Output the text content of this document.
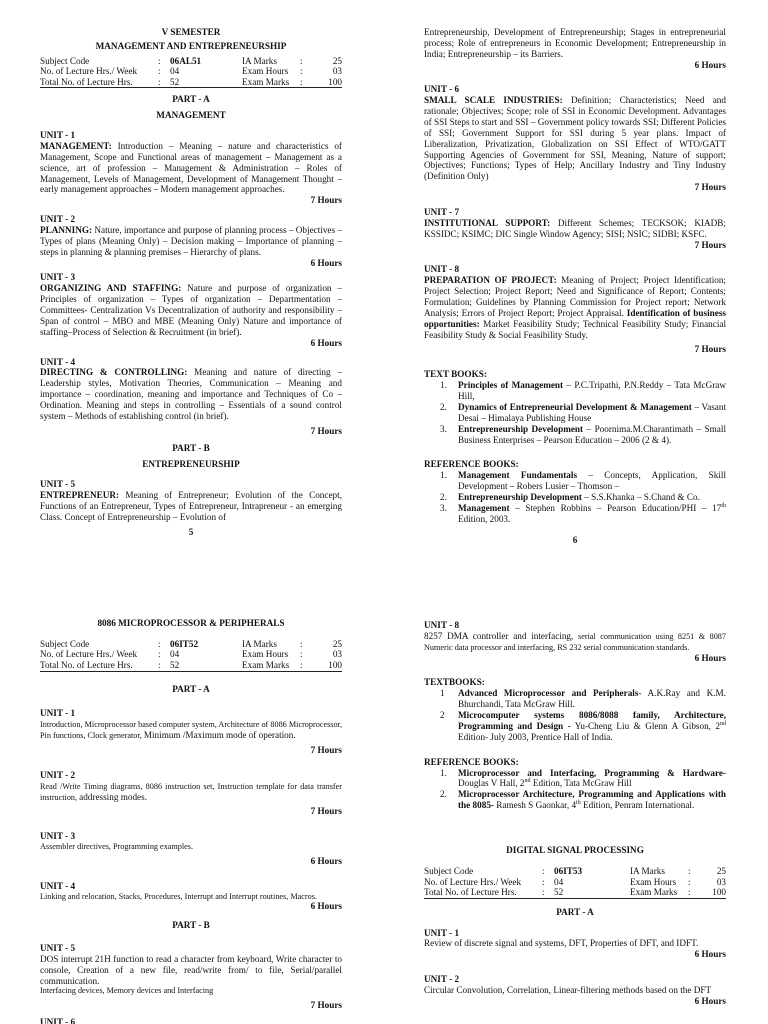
V SEMESTER
MANAGEMENT AND ENTREPRENEURSHIP
Subject Code	:	06AL51	IA Marks	:	25
No. of Lecture Hrs./ Week	:	04	Exam Hours	:	03
Total No. of Lecture Hrs.	:	52	Exam Marks	:	100
PART - A
MANAGEMENT
UNIT - 1
MANAGEMENT: Introduction – Meaning – nature and characteristics of Management, Scope and Functional areas of management – Management as a science, art of profession – Management & Administration – Roles of Management, Levels of Management, Development of Management Thought – early management approaches – Modern management approaches.
7 Hours
UNIT - 2
PLANNING: Nature, importance and purpose of planning process – Objectives – Types of plans (Meaning Only) – Decision making – Importance of planning – steps in planning & planning premises – Hierarchy of plans.
6 Hours
UNIT - 3
ORGANIZING AND STAFFING: Nature and purpose of organization – Principles of organization – Types of organization – Departmentation – Committees- Centralization Vs Decentralization of authority and responsibility – Span of control – MBO and MBE (Meaning Only) Nature and importance of staffing–Process of Selection & Recruitment (in brief).
6 Hours
UNIT - 4
DIRECTING & CONTROLLING: Meaning and nature of directing – Leadership styles, Motivation Theories, Communication – Meaning and importance – coordination, meaning and importance and Techniques of Co – Ordination. Meaning and steps in controlling – Essentials of a sound control system – Methods of establishing control (in brief).
7 Hours
PART - B
ENTREPRENEURSHIP
UNIT - 5
ENTREPRENEUR: Meaning of Entrepreneur; Evolution of the Concept, Functions of an Entrepreneur, Types of Entrepreneur, Intrapreneur - an emerging Class. Concept of Entrepreneurship – Evolution of
5
Entrepreneurship, Development of Entrepreneurship; Stages in entrepreneurial process; Role of entrepreneurs in Economic Development; Entrepreneurship in India; Entrepreneurship – its Barriers.
6 Hours
UNIT - 6
SMALL SCALE INDUSTRIES: Definition; Characteristics; Need and rationale; Objectives; Scope; role of SSI in Economic Development. Advantages of SSI Steps to start and SSI – Government policy towards SSI; Different Policies of SSI; Government Support for SSI during 5 year plans. Impact of Liberalization, Privatization, Globalization on SSI Effect of WTO/GATT Supporting Agencies of Government for SSI, Meaning, Nature of support; Objectives; Functions; Types of Help; Ancillary Industry and Tiny Industry (Definition Only)
7 Hours
UNIT - 7
INSTITUTIONAL SUPPORT: Different Schemes; TECKSOK; KIADB; KSSIDC; KSIMC; DIC Single Window Agency; SISI; NSIC; SIDBI; KSFC.
7 Hours
UNIT - 8
PREPARATION OF PROJECT: Meaning of Project; Project Identification; Project Selection; Project Report; Need and Significance of Report; Contents; Formulation; Guidelines by Planning Commission for Project report; Network Analysis; Errors of Project Report; Project Appraisal. Identification of business opportunities: Market Feasibility Study; Technical Feasibility Study; Financial Feasibility Study & Social Feasibility Study.
7 Hours
TEXT BOOKS:
1.	Principles of Management – P.C.Tripathi, P.N.Reddy – Tata McGraw Hill,
2.	Dynamics of Entrepreneurial Development & Management – Vasant Desai – Himalaya Publishing House
3.	Entrepreneurship Development – Poornima.M.Charantimath – Small Business Enterprises – Pearson Education – 2006 (2 & 4).
REFERENCE BOOKS:
1.	Management Fundamentals – Concepts, Application, Skill Development – Robers Lusier – Thomson –
2.	Entrepreneurship Development – S.S.Khanka – S.Chand & Co.
3.	Management – Stephen Robbins – Pearson Education/PHI – 17th Edition, 2003.
6
8086 MICROPROCESSOR & PERIPHERALS
Subject Code	:	06IT52	IA Marks	:	25
No. of Lecture Hrs./ Week	:	04	Exam Hours	:	03
Total No. of Lecture Hrs.	:	52	Exam Marks	:	100
PART - A
UNIT - 1
Introduction, Microprocessor based computer system, Architecture of 8086 Microprocessor, Pin functions, Clock generator, Minimum /Maximum mode of operation.
7 Hours
UNIT - 2
Read /Write Timing diagrams, 8086 instruction set, Instruction template for data transfer instruction, addressing modes.
7 Hours
UNIT - 3
Assembler directives, Programming examples.
6 Hours
UNIT - 4
Linking and relocation, Stacks, Procedures, Interrupt and Interrupt routines, Macros.
6 Hours
PART - B
UNIT - 5
DOS interrupt 21H function to read a character from keyboard, Write character to console, Creation of a new file, read/write from/ to file, Serial/parallel communication.
Interfacing devices, Memory devices and Interfacing
7 Hours
UNIT - 6
UNIT - 8
8257 DMA controller and interfacing, serial communication using 8251 & 8087 Numeric data processor and interfacing, RS 232 serial communication standards.
6 Hours
TEXTBOOKS:
1	Advanced Microprocessor and Peripherals- A.K.Ray and K.M. Bhurchandi, Tata McGraw Hill.
2	Microcomputer systems 8086/8088 family, Architecture, Programming and Design - Yu-Cheng Liu & Glenn A Gibson, 2nd Edition- July 2003, Prentice Hall of India.
REFERENCE BOOKS:
1.	Microprocessor and Interfacing, Programming & Hardware- Douglas V Hall, 2nd Edition, Tata McGraw Hill
2.	Microprocessor Architecture, Programming and Applications with the 8085- Ramesh S Gaonkar, 4th Edition, Penram International.
DIGITAL SIGNAL PROCESSING
Subject Code	:	06IT53	IA Marks	:	25
No. of Lecture Hrs./ Week	:	04	Exam Hours	:	03
Total No. of Lecture Hrs.	:	52	Exam Marks	:	100
PART - A
UNIT - 1
Review of discrete signal and systems, DFT, Properties of DFT, and IDFT.
6 Hours
UNIT - 2
Circular Convolution, Correlation, Linear-filtering methods based on the DFT
6 Hours
